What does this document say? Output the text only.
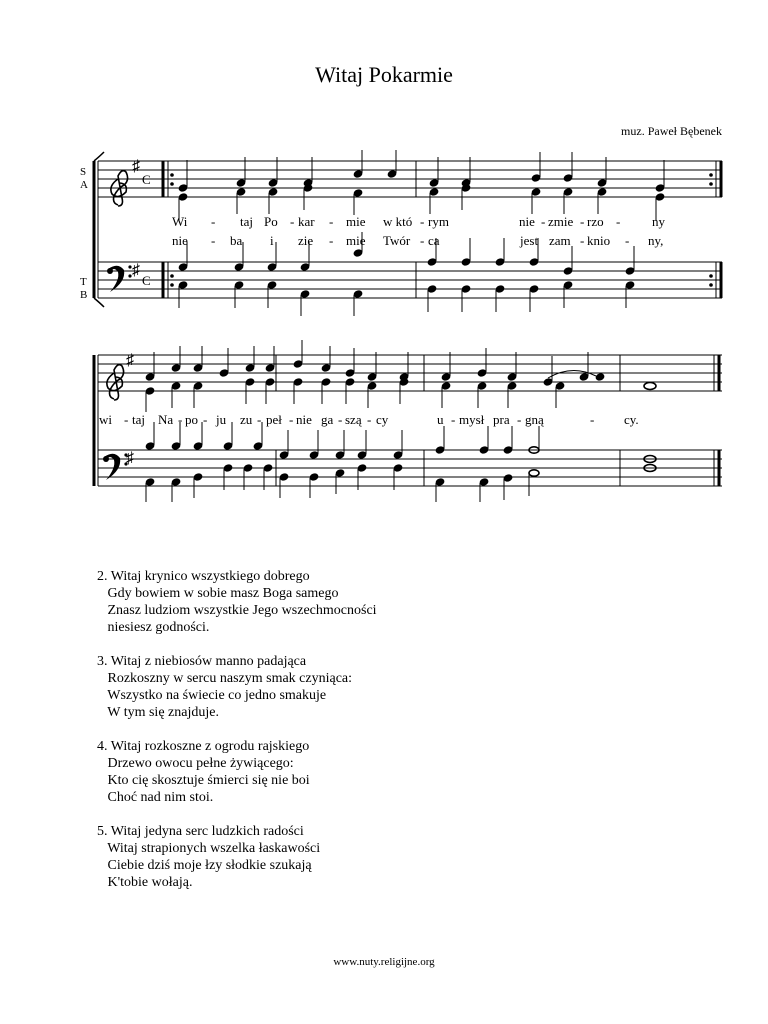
Witaj Pokarmie
muz. Paweł Bębenek
S
A
T
B
♯
♯
C
C
Wi - taj Po - kar - mie w któ - rym	nie - zmie - rzo - ny
nie - ba i zie - mie Twór - ca	jest zam - knio - ny,
♯
♯
wi - taj Na - po - ju zu - peł - nie ga - szą - cy	u - mysł pra - gną	- cy.
2. Witaj krynico wszystkiego dobrego
Gdy bowiem w sobie masz Boga samego
Znasz ludziom wszystkie Jego wszechmocności
niesiesz godności.
3. Witaj z niebiosów manno padająca
Rozkoszny w sercu naszym smak czyniąca:
Wszystko na świecie co jedno smakuje
W tym się znajduje.
4. Witaj rozkoszne z ogrodu rajskiego
Drzewo owocu pełne żywiącego:
Kto cię skosztuje śmierci się nie boi
Choć nad nim stoi.
5. Witaj jedyna serc ludzkich radości
Witaj strapionych wszelka łaskawości
Ciebie dziś moje łzy słodkie szukają
K'tobie wołają.
www.nuty.religijne.org
